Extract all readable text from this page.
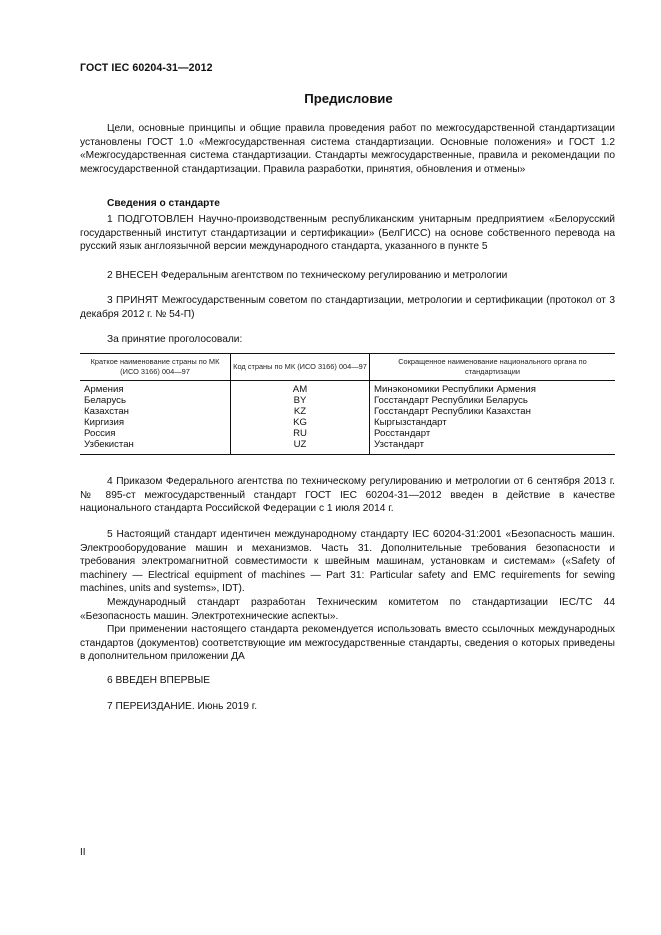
ГОСТ IEC 60204-31—2012
Предисловие

Цели, основные принципы и общие правила проведения работ по межгосударственной стандартизации установлены ГОСТ 1.0 «Межгосударственная система стандартизации. Основные положения» и ГОСТ 1.2 «Межгосударственная система стандартизации. Стандарты межгосударственные, правила и рекомендации по межгосударственной стандартизации. Правила разработки, принятия, обновления и отмены»

Сведения о стандарте

1 ПОДГОТОВЛЕН Научно-производственным республиканским унитарным предприятием «Белорусский государственный институт стандартизации и сертификации» (БелГИСС) на основе собственного перевода на русский язык англоязычной версии международного стандарта, указанного в пункте 5

2 ВНЕСЕН Федеральным агентством по техническому регулированию и метрологии

3 ПРИНЯТ Межгосударственным советом по стандартизации, метрологии и сертификации (протокол от 3 декабря 2012 г. № 54-П)

За принятие проголосовали:

Краткое наименование страны по МК (ИСО 3166) 004—97	Код страны по МК (ИСО 3166) 004—97	Сокращенное наименование национального органа по стандартизации
Армения	AM	Минэкономики Республики Армения
Беларусь	BY	Госстандарт Республики Беларусь
Казахстан	KZ	Госстандарт Республики Казахстан
Киргизия	KG	Кыргызстандарт
Россия	RU	Росстандарт
Узбекистан	UZ	Узстандарт

4 Приказом Федерального агентства по техническому регулированию и метрологии от 6 сентября 2013 г. № 895-ст межгосударственный стандарт ГОСТ IEC 60204-31—2012 введен в действие в качестве национального стандарта Российской Федерации с 1 июля 2014 г.

5 Настоящий стандарт идентичен международному стандарту IEC 60204-31:2001 «Безопасность машин. Электрооборудование машин и механизмов. Часть 31. Дополнительные требования безопасности и требования электромагнитной совместимости к швейным машинам, установкам и системам» («Safety of machinery — Electrical equipment of machines — Part 31: Particular safety and EMC requirements for sewing machines, units and systems», IDT).

Международный стандарт разработан Техническим комитетом по стандартизации IEC/TC 44 «Безопасность машин. Электротехнические аспекты».

При применении настоящего стандарта рекомендуется использовать вместо ссылочных международных стандартов (документов) соответствующие им межгосударственные стандарты, сведения о которых приведены в дополнительном приложении ДА

6 ВВЕДЕН ВПЕРВЫЕ

7 ПЕРЕИЗДАНИЕ. Июнь 2019 г.

II
